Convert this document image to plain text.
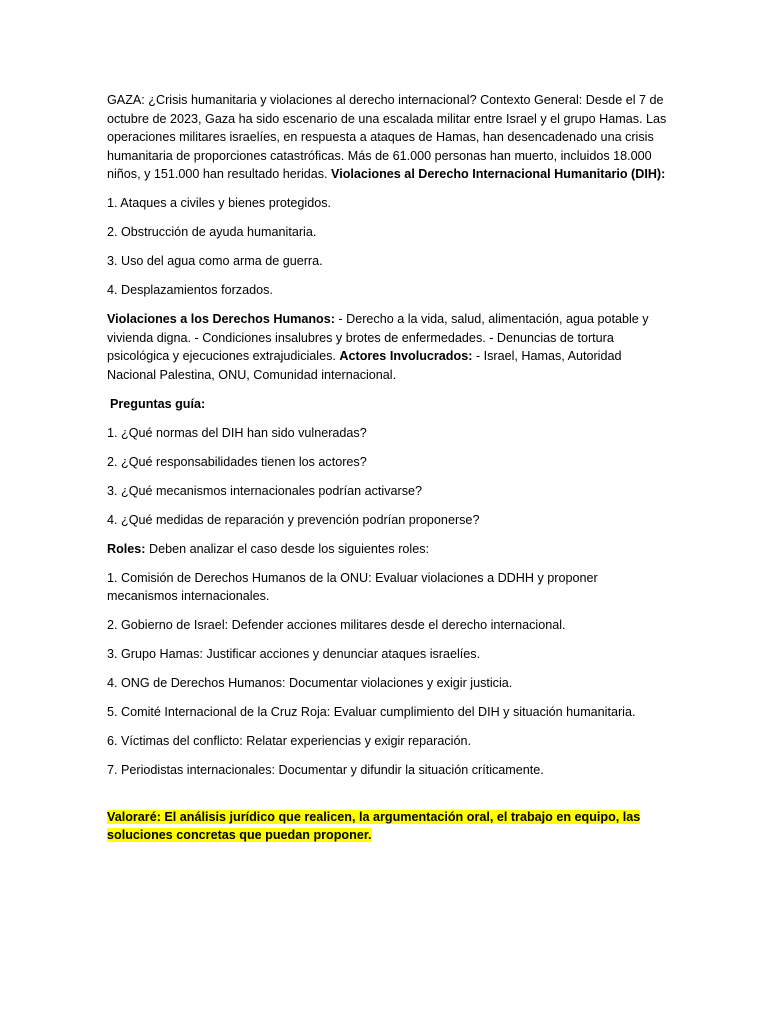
GAZA: ¿Crisis humanitaria y violaciones al derecho internacional? Contexto General: Desde el 7 de octubre de 2023, Gaza ha sido escenario de una escalada militar entre Israel y el grupo Hamas. Las operaciones militares israelíes, en respuesta a ataques de Hamas, han desencadenado una crisis humanitaria de proporciones catastróficas. Más de 61.000 personas han muerto, incluidos 18.000 niños, y 151.000 han resultado heridas. Violaciones al Derecho Internacional Humanitario (DIH):

1. Ataques a civiles y bienes protegidos.

2. Obstrucción de ayuda humanitaria.

3. Uso del agua como arma de guerra.

4. Desplazamientos forzados.

Violaciones a los Derechos Humanos: - Derecho a la vida, salud, alimentación, agua potable y vivienda digna. - Condiciones insalubres y brotes de enfermedades. - Denuncias de tortura psicológica y ejecuciones extrajudiciales. Actores Involucrados: - Israel, Hamas, Autoridad Nacional Palestina, ONU, Comunidad internacional.

Preguntas guía:

1. ¿Qué normas del DIH han sido vulneradas?

2. ¿Qué responsabilidades tienen los actores?

3. ¿Qué mecanismos internacionales podrían activarse?

4. ¿Qué medidas de reparación y prevención podrían proponerse?

Roles: Deben analizar el caso desde los siguientes roles:

1. Comisión de Derechos Humanos de la ONU: Evaluar violaciones a DDHH y proponer mecanismos internacionales.

2. Gobierno de Israel: Defender acciones militares desde el derecho internacional.

3. Grupo Hamas: Justificar acciones y denunciar ataques israelíes.

4. ONG de Derechos Humanos: Documentar violaciones y exigir justicia.

5. Comité Internacional de la Cruz Roja: Evaluar cumplimiento del DIH y situación humanitaria.

6. Víctimas del conflicto: Relatar experiencias y exigir reparación.

7. Periodistas internacionales: Documentar y difundir la situación críticamente.

Valoraré: El análisis jurídico que realicen, la argumentación oral, el trabajo en equipo, las soluciones concretas que puedan proponer.
